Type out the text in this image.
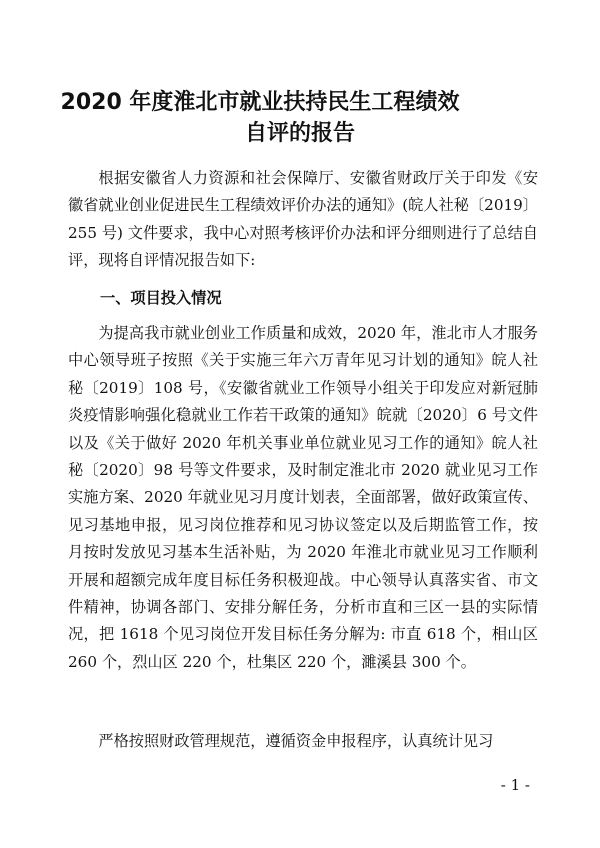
2020 年度淮北市就业扶持民生工程绩效
自评的报告

根据安徽省人力资源和社会保障厅、安徽省财政厅关于印发《安徽省就业创业促进民生工程绩效评价办法的通知》(皖人社秘〔2019〕255 号) 文件要求，我中心对照考核评价办法和评分细则进行了总结自评，现将自评情况报告如下:

一、项目投入情况

为提高我市就业创业工作质量和成效，2020 年，淮北市人才服务中心领导班子按照《关于实施三年六万青年见习计划的通知》皖人社秘〔2019〕108 号，《安徽省就业工作领导小组关于印发应对新冠肺炎疫情影响强化稳就业工作若干政策的通知》皖就〔2020〕6 号文件以及《关于做好 2020 年机关事业单位就业见习工作的通知》皖人社秘〔2020〕98 号等文件要求，及时制定淮北市 2020 就业见习工作实施方案、2020 年就业见习月度计划表，全面部署，做好政策宣传、见习基地申报，见习岗位推荐和见习协议签定以及后期监管工作，按月按时发放见习基本生活补贴，为 2020 年淮北市就业见习工作顺利开展和超额完成年度目标任务积极迎战。中心领导认真落实省、市文件精神，协调各部门、安排分解任务，分析市直和三区一县的实际情况，把 1618 个见习岗位开发目标任务分解为: 市直 618 个，相山区 260 个，烈山区 220 个，杜集区 220 个，濉溪县 300 个。

严格按照财政管理规范，遵循资金申报程序，认真统计见习

- 1 -
